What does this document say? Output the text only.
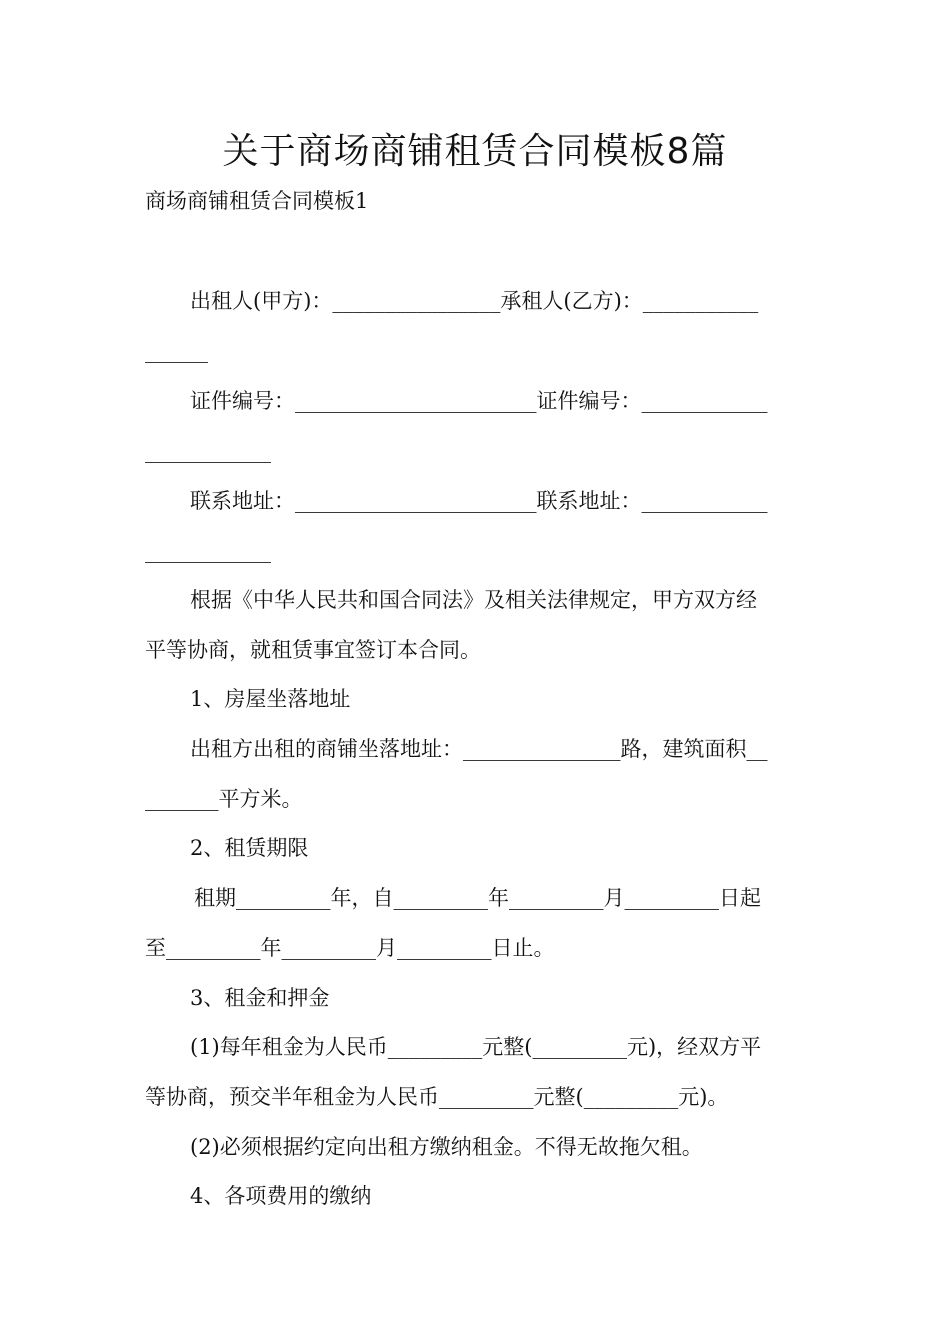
关于商场商铺租赁合同模板8篇
商场商铺租赁合同模板1
出租人(甲方)：________________承租人(乙方)：___________
______
证件编号：_______________________证件编号：____________
____________
联系地址：_______________________联系地址：____________
____________
根据《中华人民共和国合同法》及相关法律规定，甲方双方经
平等协商，就租赁事宜签订本合同。
1、房屋坐落地址
出租方出租的商铺坐落地址：_______________路，建筑面积__
_______平方米。
2、租赁期限
租期_________年，自_________年_________月_________日起
至_________年_________月_________日止。
3、租金和押金
(1)每年租金为人民币_________元整(_________元)，经双方平
等协商，预交半年租金为人民币_________元整(_________元)。
(2)必须根据约定向出租方缴纳租金。不得无故拖欠租。
4、各项费用的缴纳
